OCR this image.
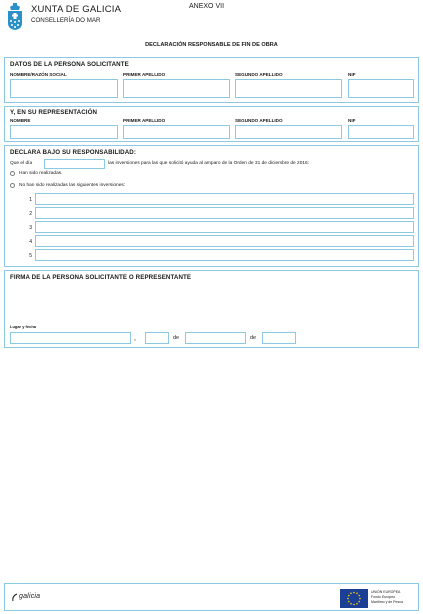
XUNTA DE GALICIA
CONSELLERÍA DO MAR
ANEXO VII
DECLARACIÓN RESPONSABLE DE FIN DE OBRA
DATOS DE LA PERSONA SOLICITANTE
NOMBRE/RAZÓN SOCIAL	PRIMER APELLIDO	SEGUNDO APELLIDO	NIF
Y, EN SU REPRESENTACIÓN
NOMBRE	PRIMER APELLIDO	SEGUNDO APELLIDO	NIF
DECLARA BAJO SU RESPONSABILIDAD:
Que el día	las inversiones para las que solicitó ayuda al amparo de la Orden de 31 de diciembre de 2016:
Han sido realizadas.
No han sido realizadas las siguientes inversiones:
1
2
3
4
5
FIRMA DE LA PERSONA SOLICITANTE O REPRESENTANTE
Lugar y fecha
,	de	de
galicia
UNIÓN EUROPEA
Fondo Europeo
Marítimo y de Pesca
